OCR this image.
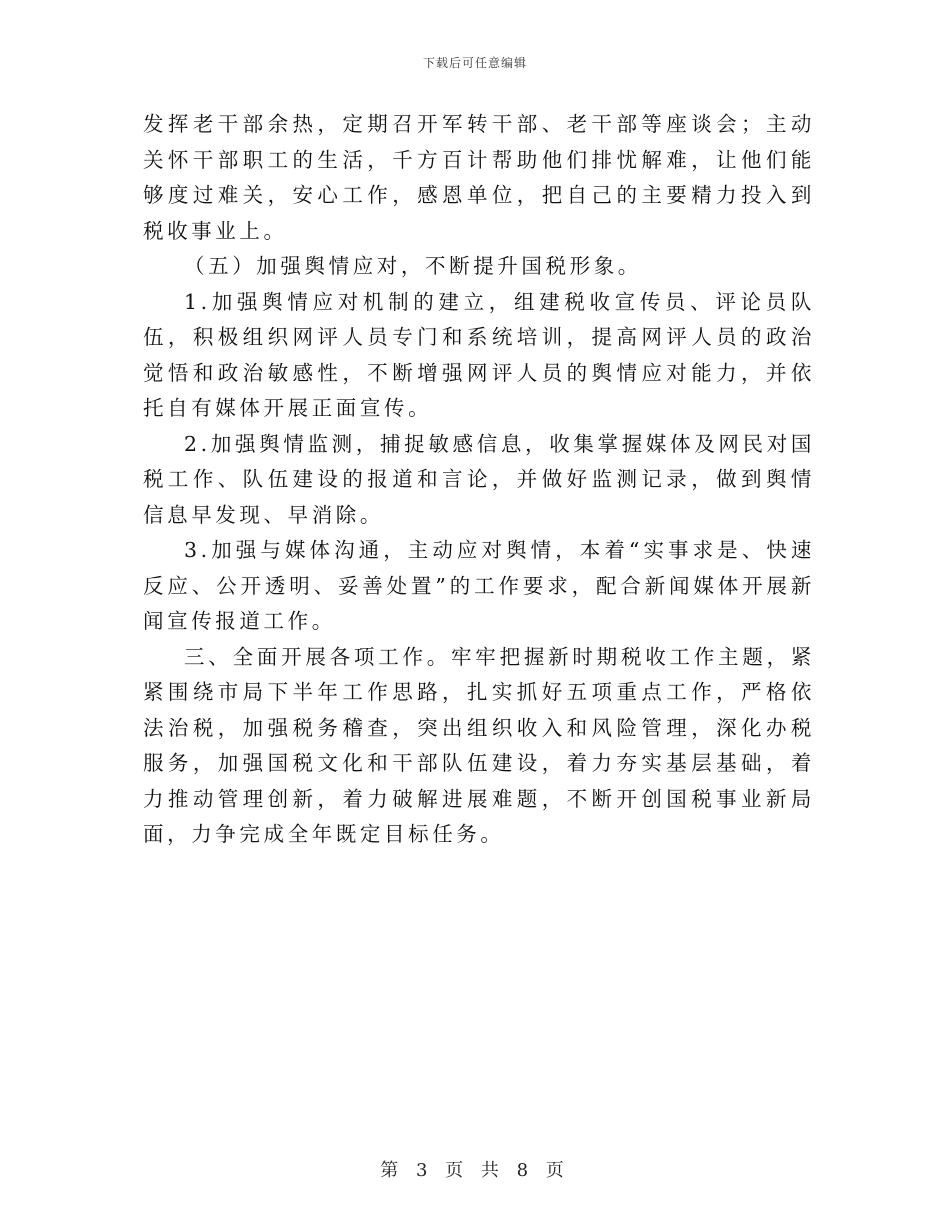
下载后可任意编辑

发挥老干部余热，定期召开军转干部、老干部等座谈会；主动关怀干部职工的生活，千方百计帮助他们排忧解难，让他们能够度过难关，安心工作，感恩单位，把自己的主要精力投入到税收事业上。

（五）加强舆情应对，不断提升国税形象。

1.加强舆情应对机制的建立，组建税收宣传员、评论员队伍，积极组织网评人员专门和系统培训，提高网评人员的政治觉悟和政治敏感性，不断增强网评人员的舆情应对能力，并依托自有媒体开展正面宣传。

2.加强舆情监测，捕捉敏感信息，收集掌握媒体及网民对国税工作、队伍建设的报道和言论，并做好监测记录，做到舆情信息早发现、早消除。

3.加强与媒体沟通，主动应对舆情，本着“实事求是、快速反应、公开透明、妥善处置”的工作要求，配合新闻媒体开展新闻宣传报道工作。

三、全面开展各项工作。牢牢把握新时期税收工作主题，紧紧围绕市局下半年工作思路，扎实抓好五项重点工作，严格依法治税，加强税务稽查，突出组织收入和风险管理，深化办税服务，加强国税文化和干部队伍建设，着力夯实基层基础，着力推动管理创新，着力破解进展难题，不断开创国税事业新局面，力争完成全年既定目标任务。

第 3 页 共 8 页
